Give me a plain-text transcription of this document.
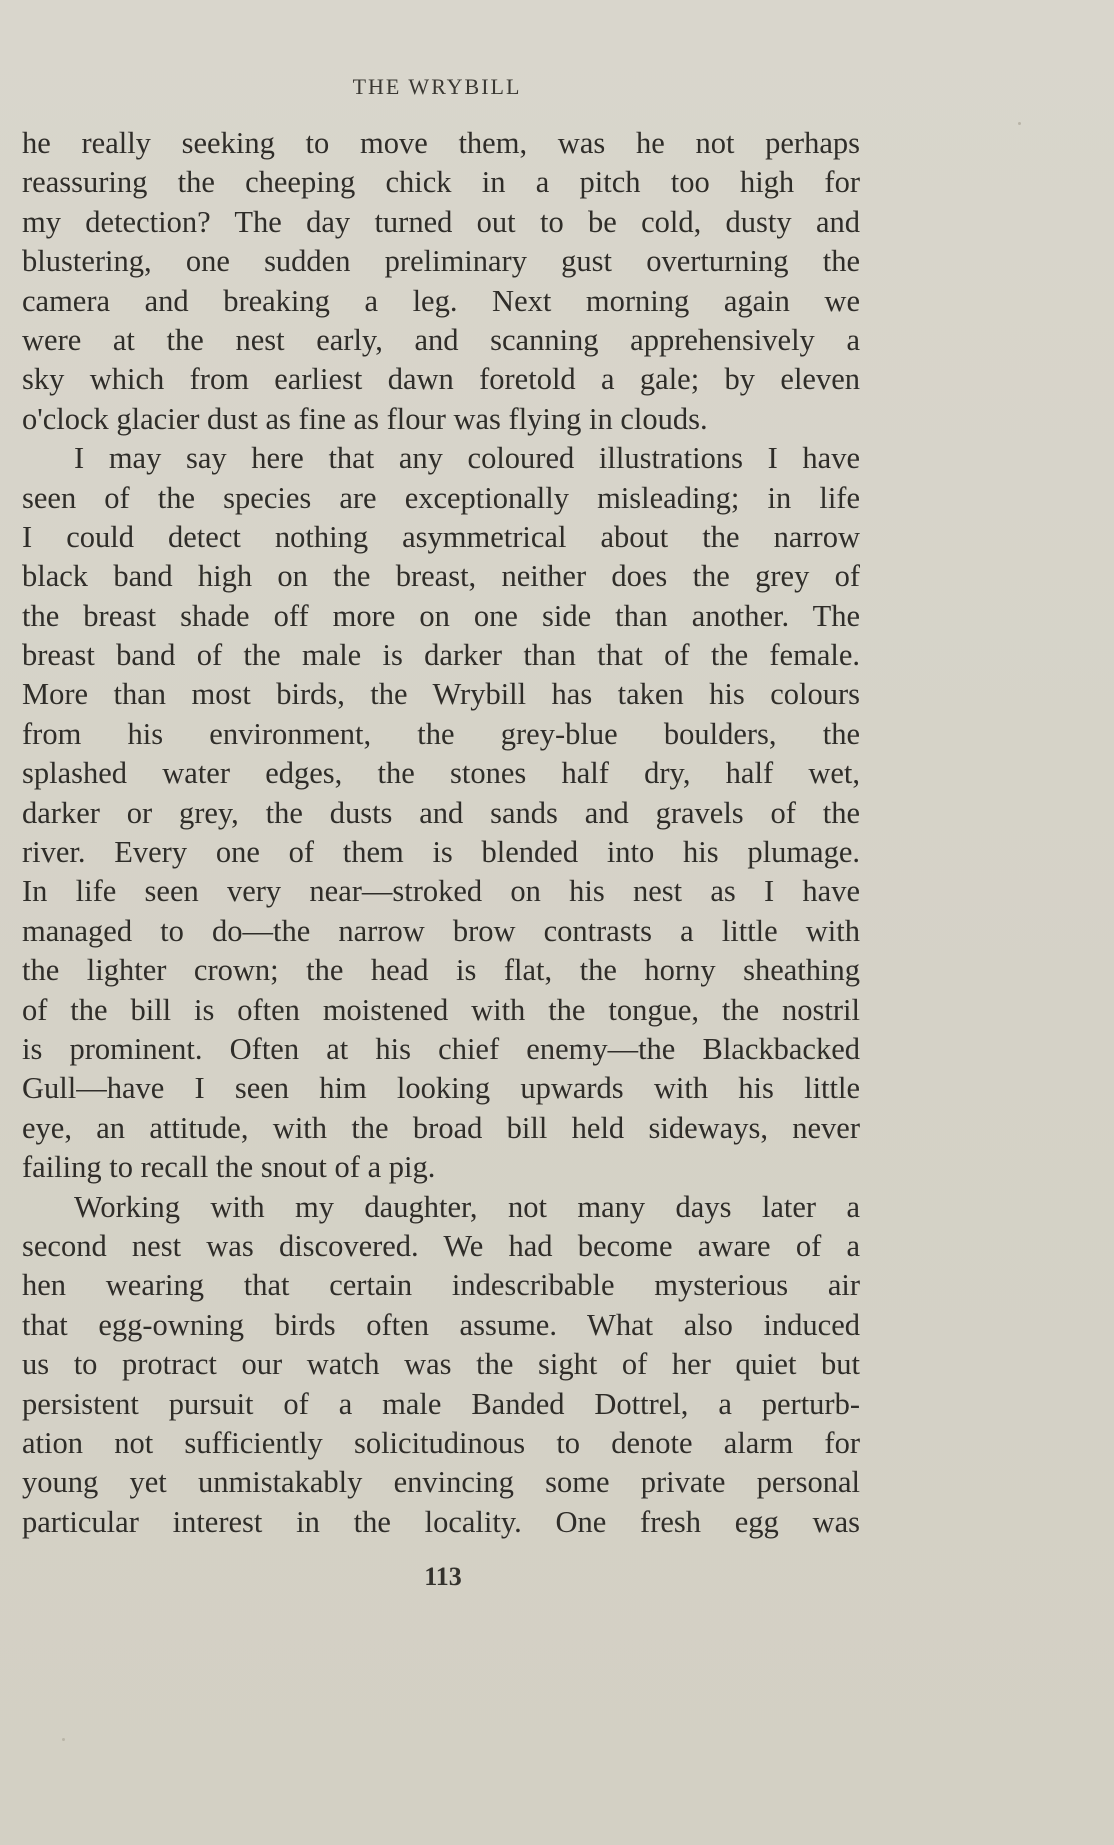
THE WRYBILL
he really seeking to move them, was he not perhaps
reassuring the cheeping chick in a pitch too high for
my detection? The day turned out to be cold, dusty and
blustering, one sudden preliminary gust overturning the
camera and breaking a leg. Next morning again we
were at the nest early, and scanning apprehensively a
sky which from earliest dawn foretold a gale; by eleven
o'clock glacier dust as fine as flour was flying in clouds.
I may say here that any coloured illustrations I have
seen of the species are exceptionally misleading; in life
I could detect nothing asymmetrical about the narrow
black band high on the breast, neither does the grey of
the breast shade off more on one side than another. The
breast band of the male is darker than that of the female.
More than most birds, the Wrybill has taken his colours
from his environment, the grey-blue boulders, the
splashed water edges, the stones half dry, half wet,
darker or grey, the dusts and sands and gravels of the
river. Every one of them is blended into his plumage.
In life seen very near—stroked on his nest as I have
managed to do—the narrow brow contrasts a little with
the lighter crown; the head is flat, the horny sheathing
of the bill is often moistened with the tongue, the nostril
is prominent. Often at his chief enemy—the Blackbacked
Gull—have I seen him looking upwards with his little
eye, an attitude, with the broad bill held sideways, never
failing to recall the snout of a pig.
Working with my daughter, not many days later a
second nest was discovered. We had become aware of a
hen wearing that certain indescribable mysterious air
that egg-owning birds often assume. What also induced
us to protract our watch was the sight of her quiet but
persistent pursuit of a male Banded Dottrel, a perturb-
ation not sufficiently solicitudinous to denote alarm for
young yet unmistakably envincing some private personal
particular interest in the locality. One fresh egg was
113
